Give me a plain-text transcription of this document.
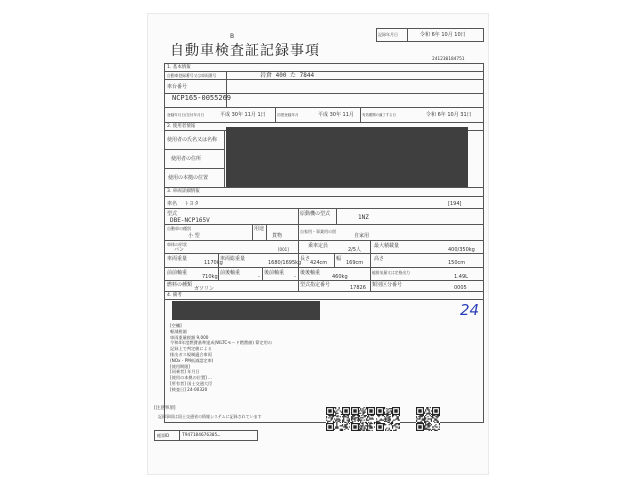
B
自動車検査証記録事項
記録年月日	令和 6年 10月 10日
241230184751
1. 基本情報
自動車登録番号又は車両番号	岩倉 400 た 7844
車台番号
NCP165-0055269
登録年月日/交付年月日	平成 30年 11月 1日	初度登録年月	平成 30年 11月 有効期間の満了する日	令和 6年 10月 31日
2. 使用者情報
使用者の氏名又は名称
使用者の住所
使用の本拠の位置
3. 車両詳細情報
車名 トヨタ	[194]
型式
DBE-NCP165V
原動機の型式	1NZ
自動車の種別
小 型
用途
貨物
自家用・事業用の別
自家用
車体の形状
バン	[001]
乗車定員
2/5人
最大積載量
400/350kg
車両重量
1170kg
車両総重量
1680/1695kg
長さ
424cm
幅
169cm
高さ
150cm
前前軸重
710kg
前後軸重
-
後前軸重
-
後後軸重
460kg
総排気量又は定格出力
1.49L
燃料の種類
ガソリン
型式指定番号	17826 類別区分番号	0005
4. 備考
24
[空欄]
軽減税額
車両重量税額 9,000
令和4年度燃費基準達成(WLTCモード燃費値) 算定用の
記録上で判定値による
排出ガス規制適合車両
(NOx・PM低減認定車)
[使用期限]
[同乗者] 年月日
[使用の本拠の位置] ...
[所有者] 国土交通大臣
[検査日] 24-00320
[注意事項]
記録事項は国土交通省の情報システムに記録されています
帳票ID	T947184676305…
